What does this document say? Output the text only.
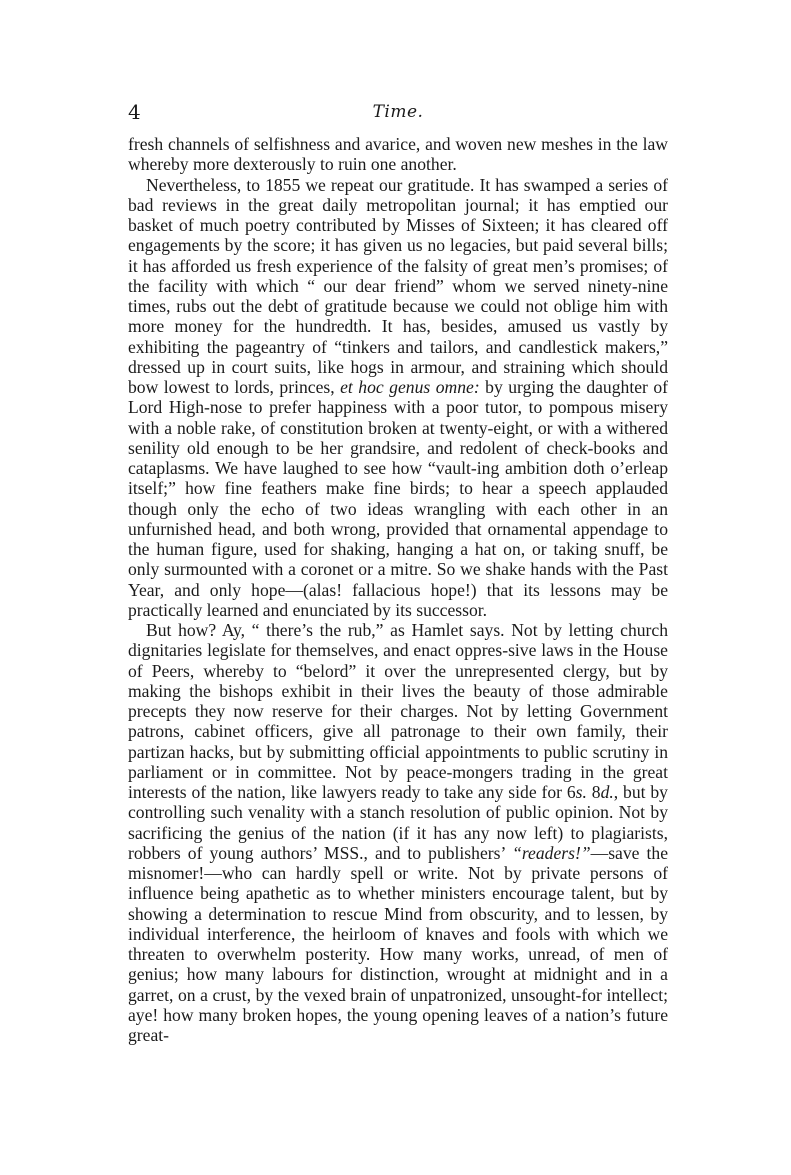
4	Time.

fresh channels of selfishness and avarice, and woven new meshes in the law whereby more dexterously to ruin one another.

Nevertheless, to 1855 we repeat our gratitude. It has swamped a series of bad reviews in the great daily metropolitan journal; it has emptied our basket of much poetry contributed by Misses of Sixteen; it has cleared off engagements by the score; it has given us no legacies, but paid several bills; it has afforded us fresh experience of the falsity of great men’s promises; of the facility with which “ our dear friend” whom we served ninety-nine times, rubs out the debt of gratitude because we could not oblige him with more money for the hundredth. It has, besides, amused us vastly by exhibiting the pageantry of “tinkers and tailors, and candlestick makers,” dressed up in court suits, like hogs in armour, and straining which should bow lowest to lords, princes, et hoc genus omne: by urging the daughter of Lord High-nose to prefer happiness with a poor tutor, to pompous misery with a noble rake, of constitution broken at twenty-eight, or with a withered senility old enough to be her grandsire, and redolent of check-books and cataplasms. We have laughed to see how “vault-ing ambition doth o’erleap itself;” how fine feathers make fine birds; to hear a speech applauded though only the echo of two ideas wrangling with each other in an unfurnished head, and both wrong, provided that ornamental appendage to the human figure, used for shaking, hanging a hat on, or taking snuff, be only surmounted with a coronet or a mitre. So we shake hands with the Past Year, and only hope—(alas! fallacious hope!) that its lessons may be practically learned and enunciated by its successor.

But how? Ay, “ there’s the rub,” as Hamlet says. Not by letting church dignitaries legislate for themselves, and enact oppres-sive laws in the House of Peers, whereby to “belord” it over the unrepresented clergy, but by making the bishops exhibit in their lives the beauty of those admirable precepts they now reserve for their charges. Not by letting Government patrons, cabinet officers, give all patronage to their own family, their partizan hacks, but by submitting official appointments to public scrutiny in parliament or in committee. Not by peace-mongers trading in the great interests of the nation, like lawyers ready to take any side for 6s. 8d., but by controlling such venality with a stanch resolution of public opinion. Not by sacrificing the genius of the nation (if it has any now left) to plagiarists, robbers of young authors’ MSS., and to publishers’ “readers!”—save the misnomer!—who can hardly spell or write. Not by private persons of influence being apathetic as to whether ministers encourage talent, but by showing a determination to rescue Mind from obscurity, and to lessen, by individual interference, the heirloom of knaves and fools with which we threaten to overwhelm posterity. How many works, unread, of men of genius; how many labours for distinction, wrought at midnight and in a garret, on a crust, by the vexed brain of unpatronized, unsought-for intellect; aye! how many broken hopes, the young opening leaves of a nation’s future great-
